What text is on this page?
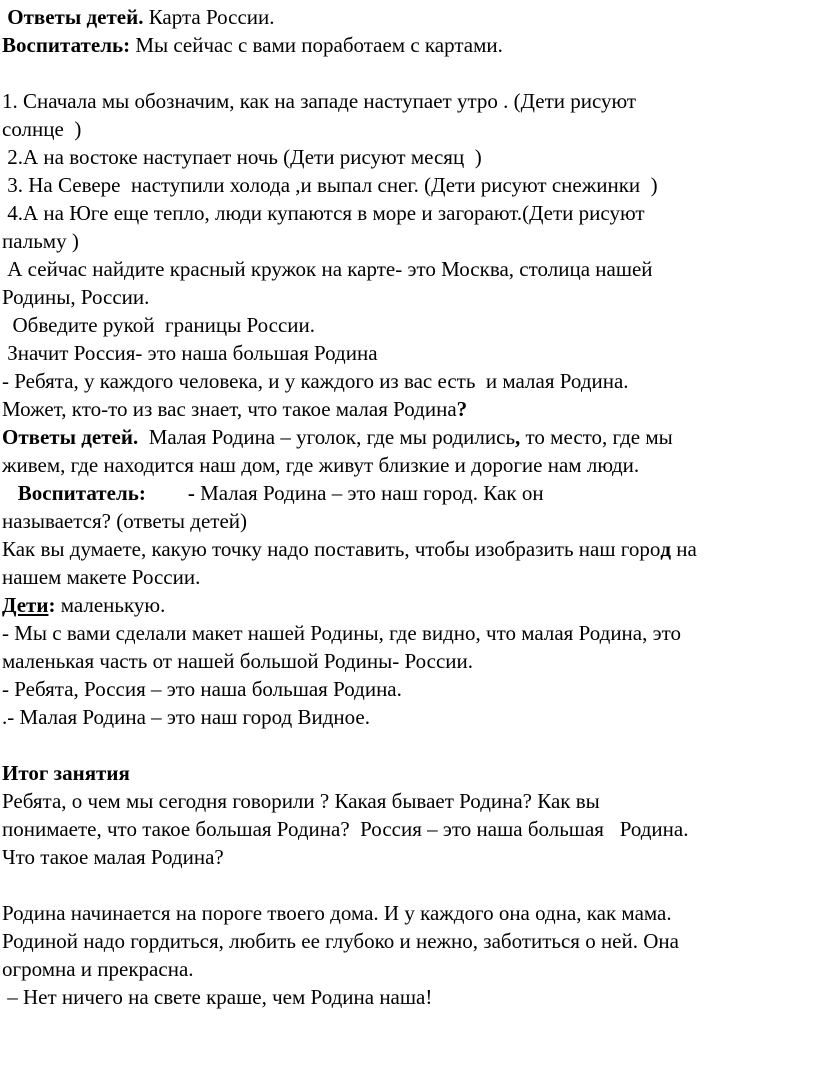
Ответы детей. Карта России.

Воспитатель: Мы сейчас с вами поработаем с картами.

1. Сначала мы обозначим, как на западе наступает утро . (Дети рисуют

солнце  )

2.А на востоке наступает ночь (Дети рисуют месяц  )

3. На Севере  наступили холода ,и выпал снег. (Дети рисуют снежинки  )

4.А на Юге еще тепло, люди купаются в море и загорают.(Дети рисуют

пальму )

А сейчас найдите красный кружок на карте- это Москва, столица нашей

Родины, России.

Обведите рукой  границы России.

Значит Россия- это наша большая Родина

- Ребята, у каждого человека, и у каждого из вас есть  и малая Родина.

Может, кто-то из вас знает, что такое малая Родина?

Ответы детей.  Малая Родина – уголок, где мы родились, то место, где мы

живем, где находится наш дом, где живут близкие и дорогие нам люди.

Воспитатель: - Малая Родина – это наш город. Как он

называется? (ответы детей)

Как вы думаете, какую точку надо поставить, чтобы изобразить наш город на

нашем макете России.

Дети: маленькую.

- Мы с вами сделали макет нашей Родины, где видно, что малая Родина, это

маленькая часть от нашей большой Родины- России.

- Ребята, Россия – это наша большая Родина.

.- Малая Родина – это наш город Видное.

Итог занятия

Ребята, о чем мы сегодня говорили ? Какая бывает Родина? Как вы

понимаете, что такое большая Родина?  Россия – это наша большая   Родина.

Что такое малая Родина?

Родина начинается на пороге твоего дома. И у каждого она одна, как мама.

Родиной надо гордиться, любить ее глубоко и нежно, заботиться о ней. Она

огромна и прекрасна.

– Нет ничего на свете краше, чем Родина наша!
